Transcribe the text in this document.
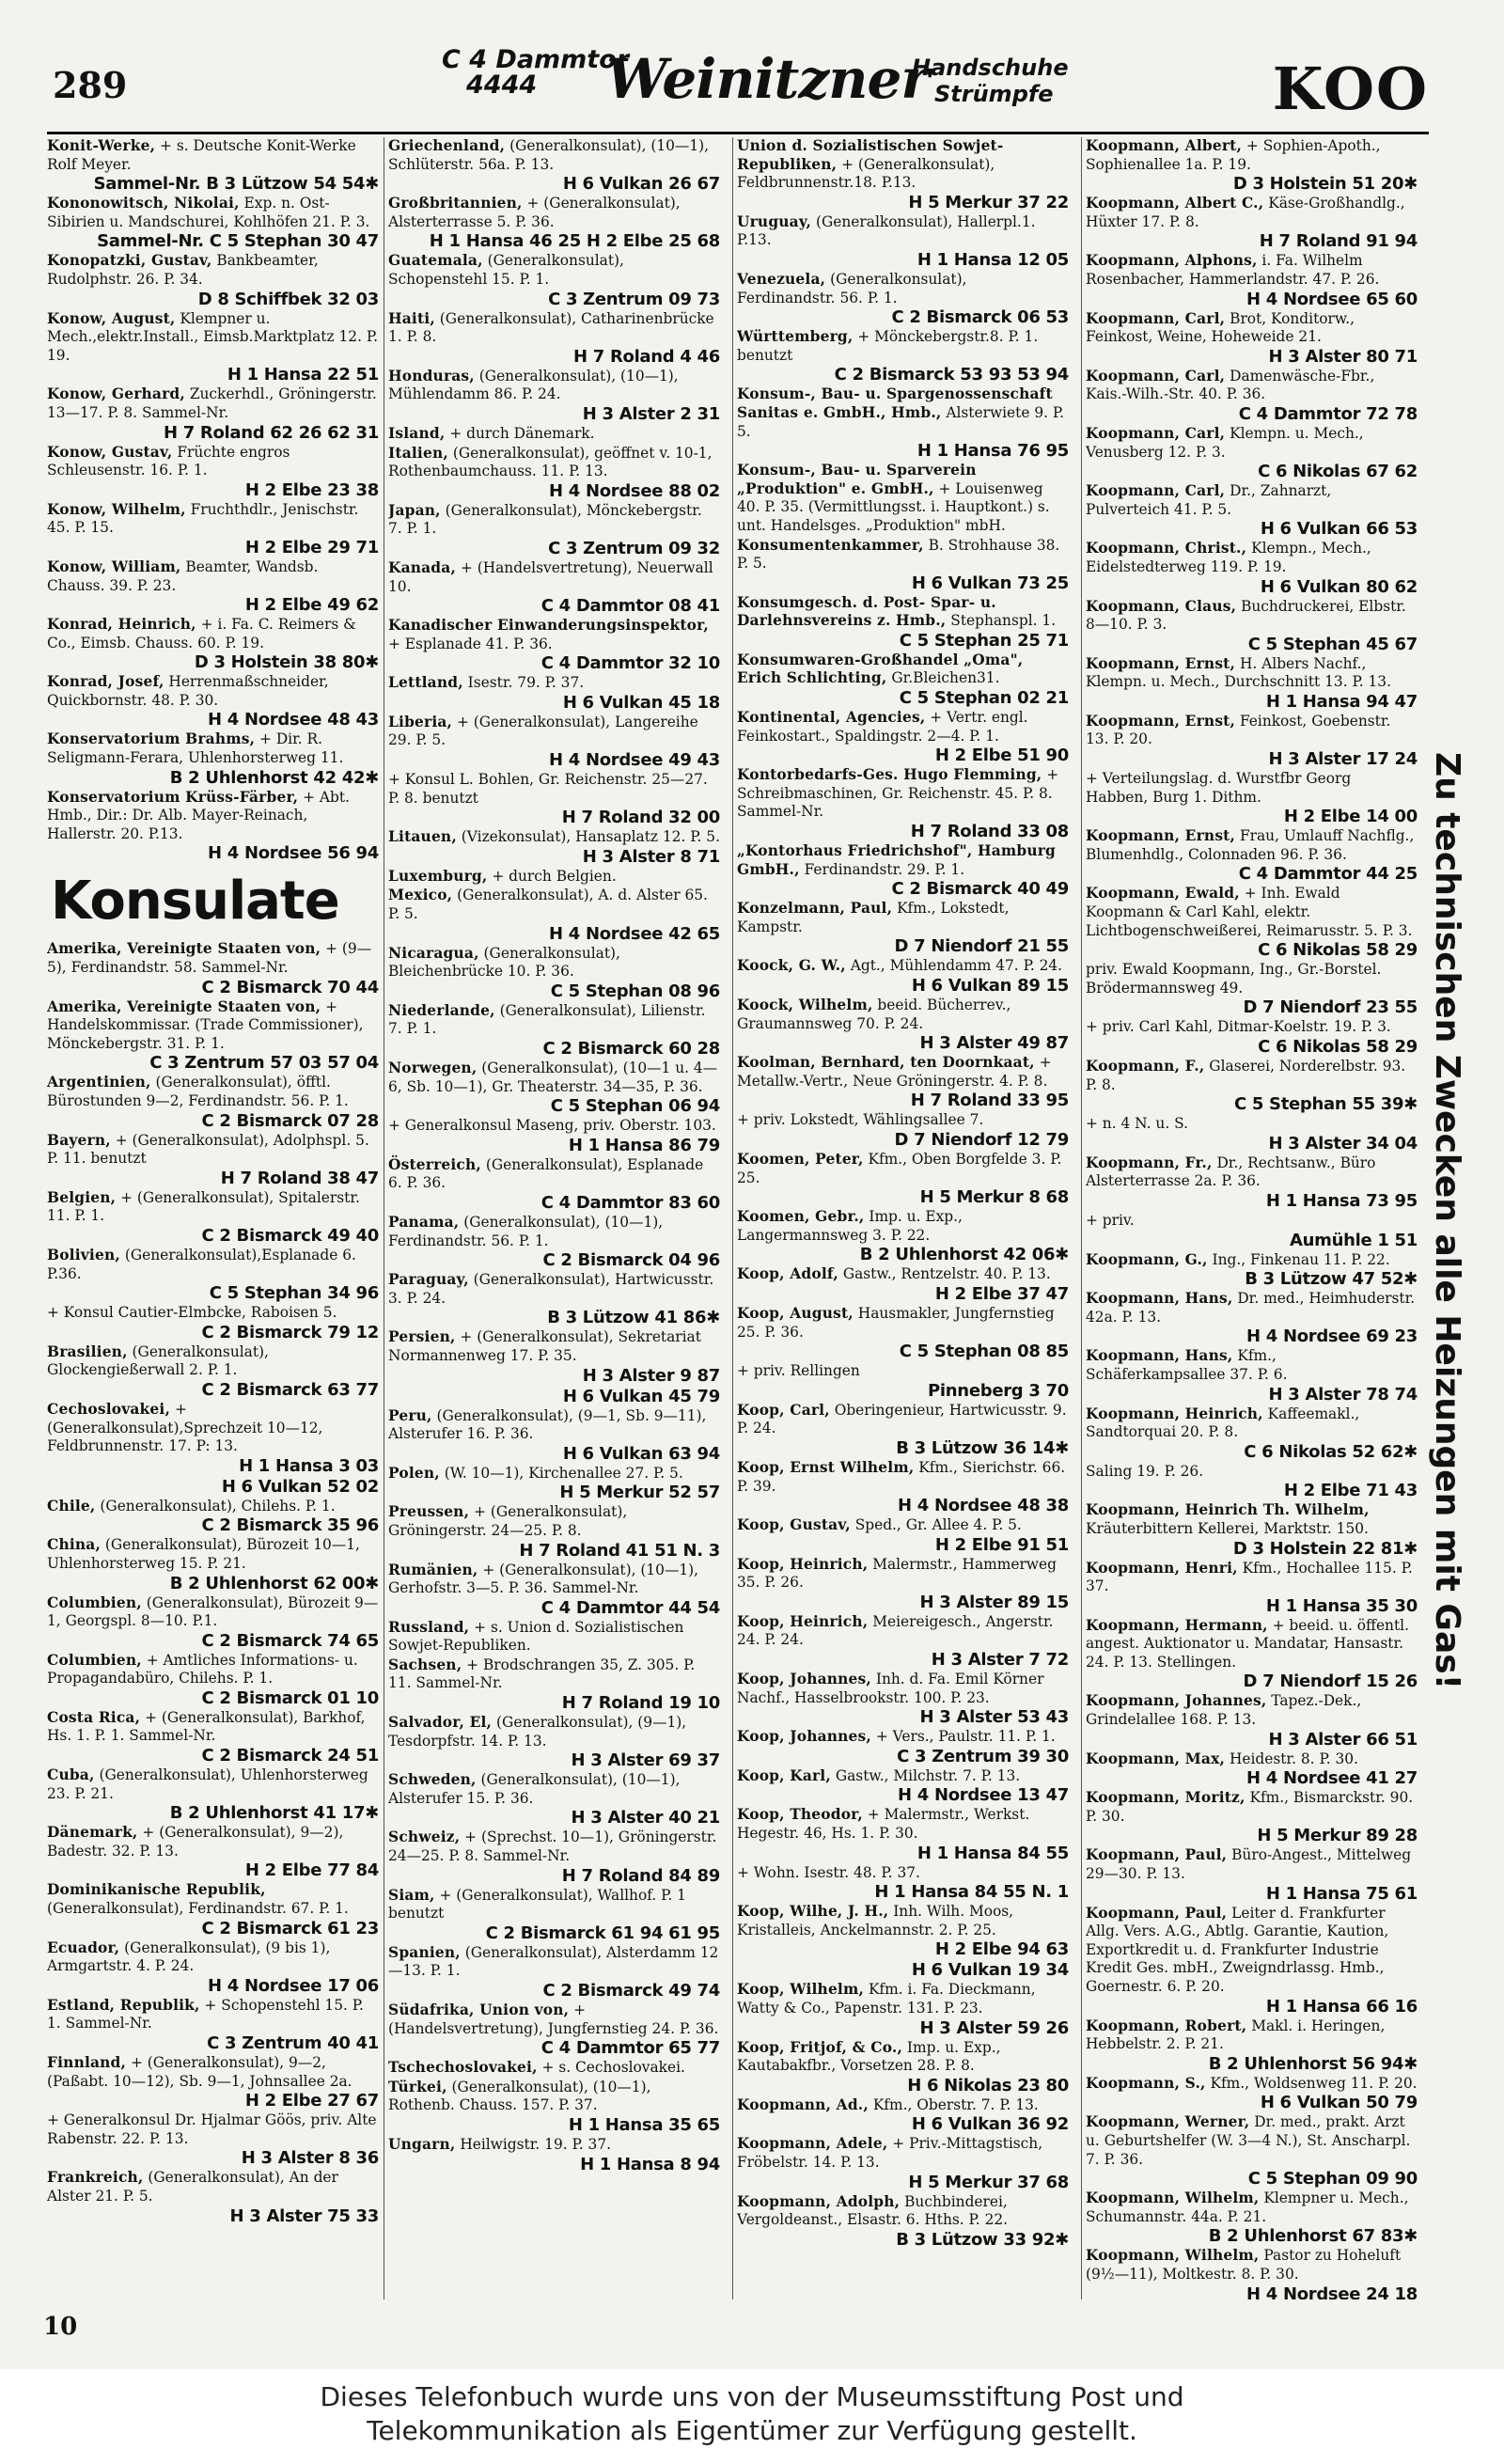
289
C 4 Dammtor
4444	Weinitzner
Handschuhe
Strümpfe	KOO
Konit-Werke, + s. Deutsche Konit-Werke Rolf Meyer.
Sammel-Nr. B 3 Lützow 54 54✱
Kononowitsch, Nikolai, Exp. n. Ost-Sibirien u. Mandschurei, Kohlhöfen 21. P. 3.
Sammel-Nr. C 5 Stephan 30 47
Konopatzki, Gustav, Bankbeamter, Rudolphstr. 26. P. 34.
D 8 Schiffbek 32 03
Konow, August, Klempner u. Mech.,elektr.Install., Eimsb.Marktplatz 12. P. 19.
H 1 Hansa 22 51
Konow, Gerhard, Zuckerhdl., Gröningerstr. 13—17. P. 8. Sammel-Nr.
H 7 Roland 62 26 62 31
Konow, Gustav, Früchte engros Schleusenstr. 16. P. 1.
H 2 Elbe 23 38
Konow, Wilhelm, Fruchthdlr., Jenischstr. 45. P. 15.
H 2 Elbe 29 71
Konow, William, Beamter, Wandsb. Chauss. 39. P. 23.
H 2 Elbe 49 62
Konrad, Heinrich, + i. Fa. C. Reimers & Co., Eimsb. Chauss. 60. P. 19.
D 3 Holstein 38 80✱
Konrad, Josef, Herrenmaßschneider, Quickbornstr. 48. P. 30.
H 4 Nordsee 48 43
Konservatorium Brahms, + Dir. R. Seligmann-Ferara, Uhlenhorsterweg 11.
B 2 Uhlenhorst 42 42✱
Konservatorium Krüss-Färber, + Abt. Hmb., Dir.: Dr. Alb. Mayer-Reinach, Hallerstr. 20. P.13.
H 4 Nordsee 56 94
Konsulate
Amerika, Vereinigte Staaten von, + (9—5), Ferdinandstr. 58. Sammel-Nr.
C 2 Bismarck 70 44
Amerika, Vereinigte Staaten von, + Handelskommissar. (Trade Commissioner), Mönckebergstr. 31. P. 1.
C 3 Zentrum 57 03 57 04
Argentinien, (Generalkonsulat), öfftl. Bürostunden 9—2, Ferdinandstr. 56. P. 1.
C 2 Bismarck 07 28
Bayern, + (Generalkonsulat), Adolphspl. 5. P. 11. benutzt
H 7 Roland 38 47
Belgien, + (Generalkonsulat), Spitalerstr. 11. P. 1.
C 2 Bismarck 49 40
Bolivien, (Generalkonsulat),Esplanade 6. P.36.
C 5 Stephan 34 96
+ Konsul Cautier-Elmbcke, Raboisen 5.
C 2 Bismarck 79 12
Brasilien, (Generalkonsulat), Glockengießerwall 2. P. 1.
C 2 Bismarck 63 77
Cechoslovakei, + (Generalkonsulat),Sprechzeit 10—12, Feldbrunnenstr. 17. P: 13.
H 1 Hansa 3 03
H 6 Vulkan 52 02
Chile, (Generalkonsulat), Chilehs. P. 1.
C 2 Bismarck 35 96
China, (Generalkonsulat), Bürozeit 10—1, Uhlenhorsterweg 15. P. 21.
B 2 Uhlenhorst 62 00✱
Columbien, (Generalkonsulat), Bürozeit 9—1, Georgspl. 8—10. P.1.
C 2 Bismarck 74 65
Columbien, + Amtliches Informations- u. Propagandabüro, Chilehs. P. 1.
C 2 Bismarck 01 10
Costa Rica, + (Generalkonsulat), Barkhof, Hs. 1. P. 1. Sammel-Nr.
C 2 Bismarck 24 51
Cuba, (Generalkonsulat), Uhlenhorsterweg 23. P. 21.
B 2 Uhlenhorst 41 17✱
Dänemark, + (Generalkonsulat), 9—2), Badestr. 32. P. 13.
H 2 Elbe 77 84
Dominikanische Republik, (Generalkonsulat), Ferdinandstr. 67. P. 1.
C 2 Bismarck 61 23
Ecuador, (Generalkonsulat), (9 bis 1), Armgartstr. 4. P. 24.
H 4 Nordsee 17 06
Estland, Republik, + Schopenstehl 15. P. 1. Sammel-Nr.
C 3 Zentrum 40 41
Finnland, + (Generalkonsulat), 9—2, (Paßabt. 10—12), Sb. 9—1, Johnsallee 2a.
H 2 Elbe 27 67
+ Generalkonsul Dr. Hjalmar Göös, priv. Alte Rabenstr. 22. P. 13.
H 3 Alster 8 36
Frankreich, (Generalkonsulat), An der Alster 21. P. 5.
H 3 Alster 75 33
Griechenland, (Generalkonsulat), (10—1), Schlüterstr. 56a. P. 13.
H 6 Vulkan 26 67
Großbritannien, + (Generalkonsulat), Alsterterrasse 5. P. 36.
H 1 Hansa 46 25 H 2 Elbe 25 68
Guatemala, (Generalkonsulat), Schopenstehl 15. P. 1.
C 3 Zentrum 09 73
Haiti, (Generalkonsulat), Catharinenbrücke 1. P. 8.
H 7 Roland 4 46
Honduras, (Generalkonsulat), (10—1), Mühlendamm 86. P. 24.
H 3 Alster 2 31
Island, + durch Dänemark.
Italien, (Generalkonsulat), geöffnet v. 10-1, Rothenbaumchauss. 11. P. 13.
H 4 Nordsee 88 02
Japan, (Generalkonsulat), Mönckebergstr. 7. P. 1.
C 3 Zentrum 09 32
Kanada, + (Handelsvertretung), Neuerwall 10.
C 4 Dammtor 08 41
Kanadischer Einwanderungsinspektor, + Esplanade 41. P. 36.
C 4 Dammtor 32 10
Lettland, Isestr. 79. P. 37.
H 6 Vulkan 45 18
Liberia, + (Generalkonsulat), Langereihe 29. P. 5.
H 4 Nordsee 49 43
+ Konsul L. Bohlen, Gr. Reichenstr. 25—27. P. 8. benutzt
H 7 Roland 32 00
Litauen, (Vizekonsulat), Hansaplatz 12. P. 5.
H 3 Alster 8 71
Luxemburg, + durch Belgien.
Mexico, (Generalkonsulat), A. d. Alster 65. P. 5.
H 4 Nordsee 42 65
Nicaragua, (Generalkonsulat), Bleichenbrücke 10. P. 36.
C 5 Stephan 08 96
Niederlande, (Generalkonsulat), Lilienstr. 7. P. 1.
C 2 Bismarck 60 28
Norwegen, (Generalkonsulat), (10—1 u. 4—6, Sb. 10—1), Gr. Theaterstr. 34—35, P. 36.
C 5 Stephan 06 94
+ Generalkonsul Maseng, priv. Oberstr. 103.
H 1 Hansa 86 79
Österreich, (Generalkonsulat), Esplanade 6. P. 36.
C 4 Dammtor 83 60
Panama, (Generalkonsulat), (10—1), Ferdinandstr. 56. P. 1.
C 2 Bismarck 04 96
Paraguay, (Generalkonsulat), Hartwicusstr. 3. P. 24.
B 3 Lützow 41 86✱
Persien, + (Generalkonsulat), Sekretariat Normannenweg 17. P. 35.
H 3 Alster 9 87
H 6 Vulkan 45 79
Peru, (Generalkonsulat), (9—1, Sb. 9—11), Alsterufer 16. P. 36.
H 6 Vulkan 63 94
Polen, (W. 10—1), Kirchenallee 27. P. 5.
H 5 Merkur 52 57
Preussen, + (Generalkonsulat), Gröningerstr. 24—25. P. 8.
H 7 Roland 41 51 N. 3
Rumänien, + (Generalkonsulat), (10—1), Gerhofstr. 3—5. P. 36. Sammel-Nr.
C 4 Dammtor 44 54
Russland, + s. Union d. Sozialistischen Sowjet-Republiken.
Sachsen, + Brodschrangen 35, Z. 305. P. 11. Sammel-Nr.
H 7 Roland 19 10
Salvador, El, (Generalkonsulat), (9—1), Tesdorpfstr. 14. P. 13.
H 3 Alster 69 37
Schweden, (Generalkonsulat), (10—1), Alsterufer 15. P. 36.
H 3 Alster 40 21
Schweiz, + (Sprechst. 10—1), Gröningerstr. 24—25. P. 8. Sammel-Nr.
H 7 Roland 84 89
Siam, + (Generalkonsulat), Wallhof. P. 1 benutzt
C 2 Bismarck 61 94 61 95
Spanien, (Generalkonsulat), Alsterdamm 12—13. P. 1.
C 2 Bismarck 49 74
Südafrika, Union von, + (Handelsvertretung), Jungfernstieg 24. P. 36.
C 4 Dammtor 65 77
Tschechoslovakei, + s. Cechoslovakei.
Türkei, (Generalkonsulat), (10—1), Rothenb. Chauss. 157. P. 37.
H 1 Hansa 35 65
Ungarn, Heilwigstr. 19. P. 37.
H 1 Hansa 8 94
Union d. Sozialistischen Sowjet-Republiken, + (Generalkonsulat), Feldbrunnenstr.18. P.13.
H 5 Merkur 37 22
Uruguay, (Generalkonsulat), Hallerpl.1. P.13.
H 1 Hansa 12 05
Venezuela, (Generalkonsulat), Ferdinandstr. 56. P. 1.
C 2 Bismarck 06 53
Württemberg, + Mönckebergstr.8. P. 1. benutzt
C 2 Bismarck 53 93 53 94
Konsum-, Bau- u. Spargenossenschaft Sanitas e. GmbH., Hmb., Alsterwiete 9. P. 5.
H 1 Hansa 76 95
Konsum-, Bau- u. Sparverein „Produktion" e. GmbH., + Louisenweg 40. P. 35. (Vermittlungsst. i. Hauptkont.) s. unt. Handelsges. „Produktion" mbH.
Konsumentenkammer, B. Strohhause 38. P. 5.
H 6 Vulkan 73 25
Konsumgesch. d. Post- Spar- u. Darlehnsvereins z. Hmb., Stephanspl. 1.
C 5 Stephan 25 71
Konsumwaren-Großhandel „Oma", Erich Schlichting, Gr.Bleichen31.
C 5 Stephan 02 21
Kontinental, Agencies, + Vertr. engl. Feinkostart., Spaldingstr. 2—4. P. 1.
H 2 Elbe 51 90
Kontorbedarfs-Ges. Hugo Flemming, + Schreibmaschinen, Gr. Reichenstr. 45. P. 8. Sammel-Nr.
H 7 Roland 33 08
„Kontorhaus Friedrichshof", Hamburg GmbH., Ferdinandstr. 29. P. 1.
C 2 Bismarck 40 49
Konzelmann, Paul, Kfm., Lokstedt, Kampstr.
D 7 Niendorf 21 55
Koock, G. W., Agt., Mühlendamm 47. P. 24.
H 6 Vulkan 89 15
Koock, Wilhelm, beeid. Bücherrev., Graumannsweg 70. P. 24.
H 3 Alster 49 87
Koolman, Bernhard, ten Doornkaat, + Metallw.-Vertr., Neue Gröningerstr. 4. P. 8.
H 7 Roland 33 95
+ priv. Lokstedt, Wählingsallee 7.
D 7 Niendorf 12 79
Koomen, Peter, Kfm., Oben Borgfelde 3. P. 25.
H 5 Merkur 8 68
Koomen, Gebr., Imp. u. Exp., Langermannsweg 3. P. 22.
B 2 Uhlenhorst 42 06✱
Koop, Adolf, Gastw., Rentzelstr. 40. P. 13.
H 2 Elbe 37 47
Koop, August, Hausmakler, Jungfernstieg 25. P. 36.
C 5 Stephan 08 85
+ priv. Rellingen
Pinneberg 3 70
Koop, Carl, Oberingenieur, Hartwicusstr. 9. P. 24.
B 3 Lützow 36 14✱
Koop, Ernst Wilhelm, Kfm., Sierichstr. 66. P. 39.
H 4 Nordsee 48 38
Koop, Gustav, Sped., Gr. Allee 4. P. 5.
H 2 Elbe 91 51
Koop, Heinrich, Malermstr., Hammerweg 35. P. 26.
H 3 Alster 89 15
Koop, Heinrich, Meiereigesch., Angerstr. 24. P. 24.
H 3 Alster 7 72
Koop, Johannes, Inh. d. Fa. Emil Körner Nachf., Hasselbrookstr. 100. P. 23.
H 3 Alster 53 43
Koop, Johannes, + Vers., Paulstr. 11. P. 1.
C 3 Zentrum 39 30
Koop, Karl, Gastw., Milchstr. 7. P. 13.
H 4 Nordsee 13 47
Koop, Theodor, + Malermstr., Werkst. Hegestr. 46, Hs. 1. P. 30.
H 1 Hansa 84 55
+ Wohn. Isestr. 48. P. 37.
H 1 Hansa 84 55 N. 1
Koop, Wilhe, J. H., Inh. Wilh. Moos, Kristalleis, Anckelmannstr. 2. P. 25.
H 2 Elbe 94 63
H 6 Vulkan 19 34
Koop, Wilhelm, Kfm. i. Fa. Dieckmann, Watty & Co., Papenstr. 131. P. 23.
H 3 Alster 59 26
Koop, Fritjof, & Co., Imp. u. Exp., Kautabakfbr., Vorsetzen 28. P. 8.
H 6 Nikolas 23 80
Koopmann, Ad., Kfm., Oberstr. 7. P. 13.
H 6 Vulkan 36 92
Koopmann, Adele, + Priv.-Mittagstisch, Fröbelstr. 14. P. 13.
H 5 Merkur 37 68
Koopmann, Adolph, Buchbinderei, Vergoldeanst., Elsastr. 6. Hths. P. 22.
B 3 Lützow 33 92✱
Koopmann, Albert, + Sophien-Apoth., Sophienallee 1a. P. 19.
D 3 Holstein 51 20✱
Koopmann, Albert C., Käse-Großhandlg., Hüxter 17. P. 8.
H 7 Roland 91 94
Koopmann, Alphons, i. Fa. Wilhelm Rosenbacher, Hammerlandstr. 47. P. 26.
H 4 Nordsee 65 60
Koopmann, Carl, Brot, Konditorw., Feinkost, Weine, Hoheweide 21.
H 3 Alster 80 71
Koopmann, Carl, Damenwäsche-Fbr., Kais.-Wilh.-Str. 40. P. 36.
C 4 Dammtor 72 78
Koopmann, Carl, Klempn. u. Mech., Venusberg 12. P. 3.
C 6 Nikolas 67 62
Koopmann, Carl, Dr., Zahnarzt, Pulverteich 41. P. 5.
H 6 Vulkan 66 53
Koopmann, Christ., Klempn., Mech., Eidelstedterweg 119. P. 19.
H 6 Vulkan 80 62
Koopmann, Claus, Buchdruckerei, Elbstr. 8—10. P. 3.
C 5 Stephan 45 67
Koopmann, Ernst, H. Albers Nachf., Klempn. u. Mech., Durchschnitt 13. P. 13.
H 1 Hansa 94 47
Koopmann, Ernst, Feinkost, Goebenstr. 13. P. 20.
H 3 Alster 17 24
+ Verteilungslag. d. Wurstfbr Georg Habben, Burg 1. Dithm.
H 2 Elbe 14 00
Koopmann, Ernst, Frau, Umlauff Nachflg., Blumenhdlg., Colonnaden 96. P. 36.
C 4 Dammtor 44 25
Koopmann, Ewald, + Inh. Ewald Koopmann & Carl Kahl, elektr. Lichtbogenschweißerei, Reimarusstr. 5. P. 3.
C 6 Nikolas 58 29
priv. Ewald Koopmann, Ing., Gr.-Borstel. Brödermannsweg 49.
D 7 Niendorf 23 55
+ priv. Carl Kahl, Ditmar-Koelstr. 19. P. 3.
C 6 Nikolas 58 29
Koopmann, F., Glaserei, Norderelbstr. 93. P. 8.
C 5 Stephan 55 39✱
+ n. 4 N. u. S.
H 3 Alster 34 04
Koopmann, Fr., Dr., Rechtsanw., Büro Alsterterrasse 2a. P. 36.
H 1 Hansa 73 95
+ priv.
Aumühle 1 51
Koopmann, G., Ing., Finkenau 11. P. 22.
B 3 Lützow 47 52✱
Koopmann, Hans, Dr. med., Heimhuderstr. 42a. P. 13.
H 4 Nordsee 69 23
Koopmann, Hans, Kfm., Schäferkampsallee 37. P. 6.
H 3 Alster 78 74
Koopmann, Heinrich, Kaffeemakl., Sandtorquai 20. P. 8.
C 6 Nikolas 52 62✱
Saling 19. P. 26.
H 2 Elbe 71 43
Koopmann, Heinrich Th. Wilhelm, Kräuterbittern Kellerei, Marktstr. 150.
D 3 Holstein 22 81✱
Koopmann, Henri, Kfm., Hochallee 115. P. 37.
H 1 Hansa 35 30
Koopmann, Hermann, + beeid. u. öffentl. angest. Auktionator u. Mandatar, Hansastr. 24. P. 13. Stellingen.
D 7 Niendorf 15 26
Koopmann, Johannes, Tapez.-Dek., Grindelallee 168. P. 13.
H 3 Alster 66 51
Koopmann, Max, Heidestr. 8. P. 30.
H 4 Nordsee 41 27
Koopmann, Moritz, Kfm., Bismarckstr. 90. P. 30.
H 5 Merkur 89 28
Koopmann, Paul, Büro-Angest., Mittelweg 29—30. P. 13.
H 1 Hansa 75 61
Koopmann, Paul, Leiter d. Frankfurter Allg. Vers. A.G., Abtlg. Garantie, Kaution, Exportkredit u. d. Frankfurter Industrie Kredit Ges. mbH., Zweigndrlassg. Hmb., Goernestr. 6. P. 20.
H 1 Hansa 66 16
Koopmann, Robert, Makl. i. Heringen, Hebbelstr. 2. P. 21.
B 2 Uhlenhorst 56 94✱
Koopmann, S., Kfm., Woldsenweg 11. P. 20.
H 6 Vulkan 50 79
Koopmann, Werner, Dr. med., prakt. Arzt u. Geburtshelfer (W. 3—4 N.), St. Anscharpl. 7. P. 36.
C 5 Stephan 09 90
Koopmann, Wilhelm, Klempner u. Mech., Schumannstr. 44a. P. 21.
B 2 Uhlenhorst 67 83✱
Koopmann, Wilhelm, Pastor zu Hoheluft (9½—11), Moltkestr. 8. P. 30.
H 4 Nordsee 24 18
Zu technischen Zwecken alle Heizungen mit Gas!
10
Dieses Telefonbuch wurde uns von der Museumsstiftung Post und
Telekommunikation als Eigentümer zur Verfügung gestellt.
